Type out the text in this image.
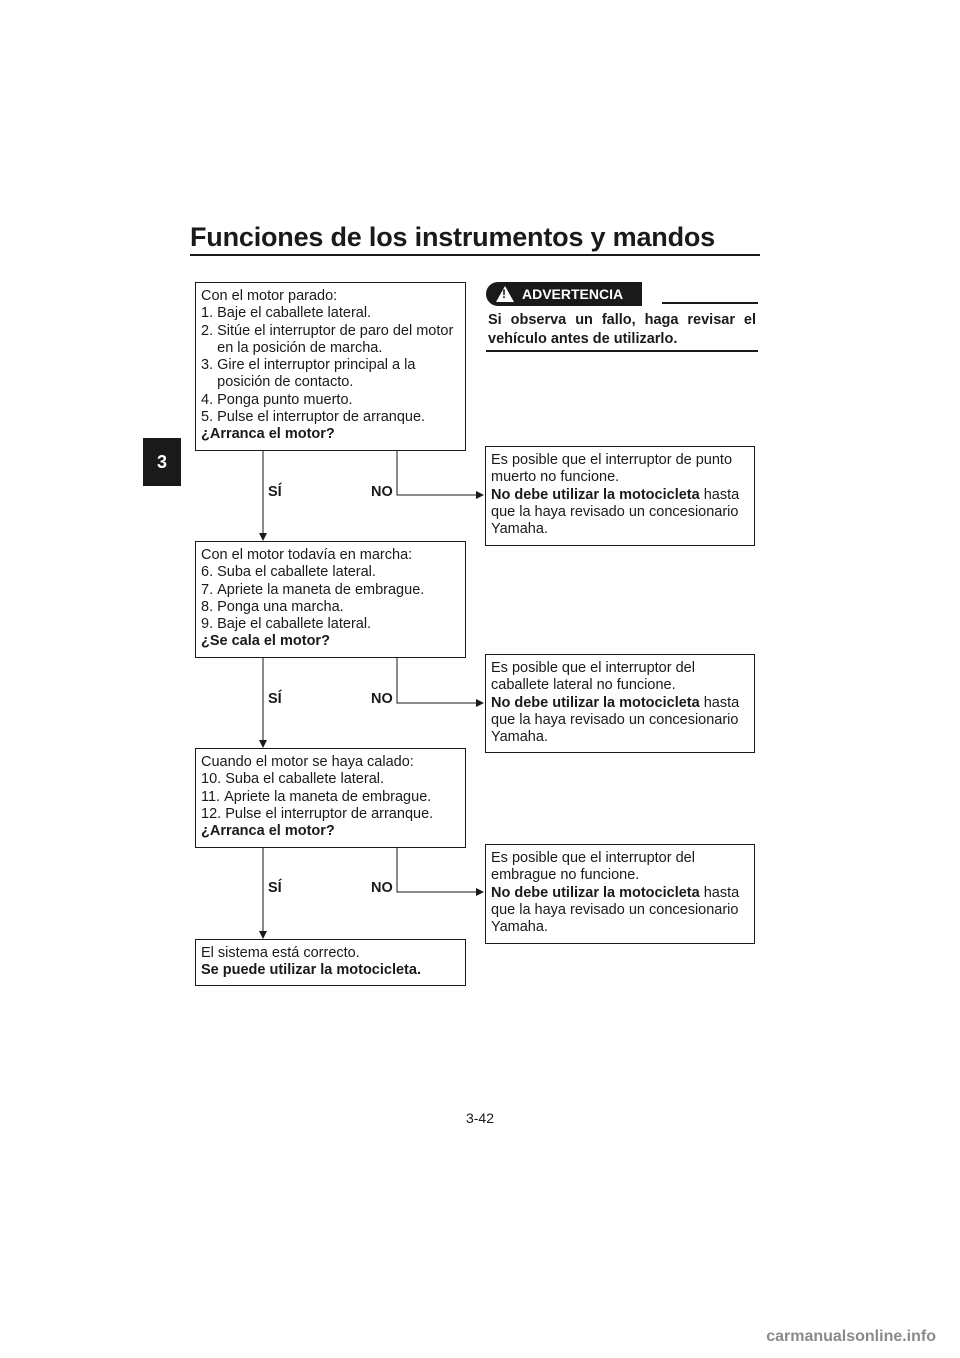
Funciones de los instrumentos y mandos
3
Con el motor parado:
1.
Baje el caballete lateral.
2.
Sitúe el interruptor de paro del motor en la posición de marcha.
3.
Gire el interruptor principal a la posición de contacto.
4.
Ponga punto muerto.
5.
Pulse el interruptor de arranque.
¿Arranca el motor?
SÍ	NO
Es posible que el interruptor de punto muerto no funcione.
No debe utilizar la motocicleta hasta que la haya revisado un concesionario Yamaha.
Con el motor todavía en marcha:
6.
Suba el caballete lateral.
7.
Apriete la maneta de embrague.
8.
Ponga una marcha.
9.
Baje el caballete lateral.
¿Se cala el motor?
SÍ	NO
Es posible que el interruptor del caballete lateral no funcione.
No debe utilizar la motocicleta hasta que la haya revisado un concesionario Yamaha.
Cuando el motor se haya calado:
10.
Suba el caballete lateral.
11.
Apriete la maneta de embrague.
12.
Pulse el interruptor de arranque.
¿Arranca el motor?
SÍ	NO
Es posible que el interruptor del embrague no funcione.
No debe utilizar la motocicleta hasta que la haya revisado un concesionario Yamaha.
El sistema está correcto.
Se puede utilizar la motocicleta.
!
ADVERTENCIA
Si observa un fallo, haga revisar el vehículo antes de utilizarlo.
3-42
carmanualsonline.info
